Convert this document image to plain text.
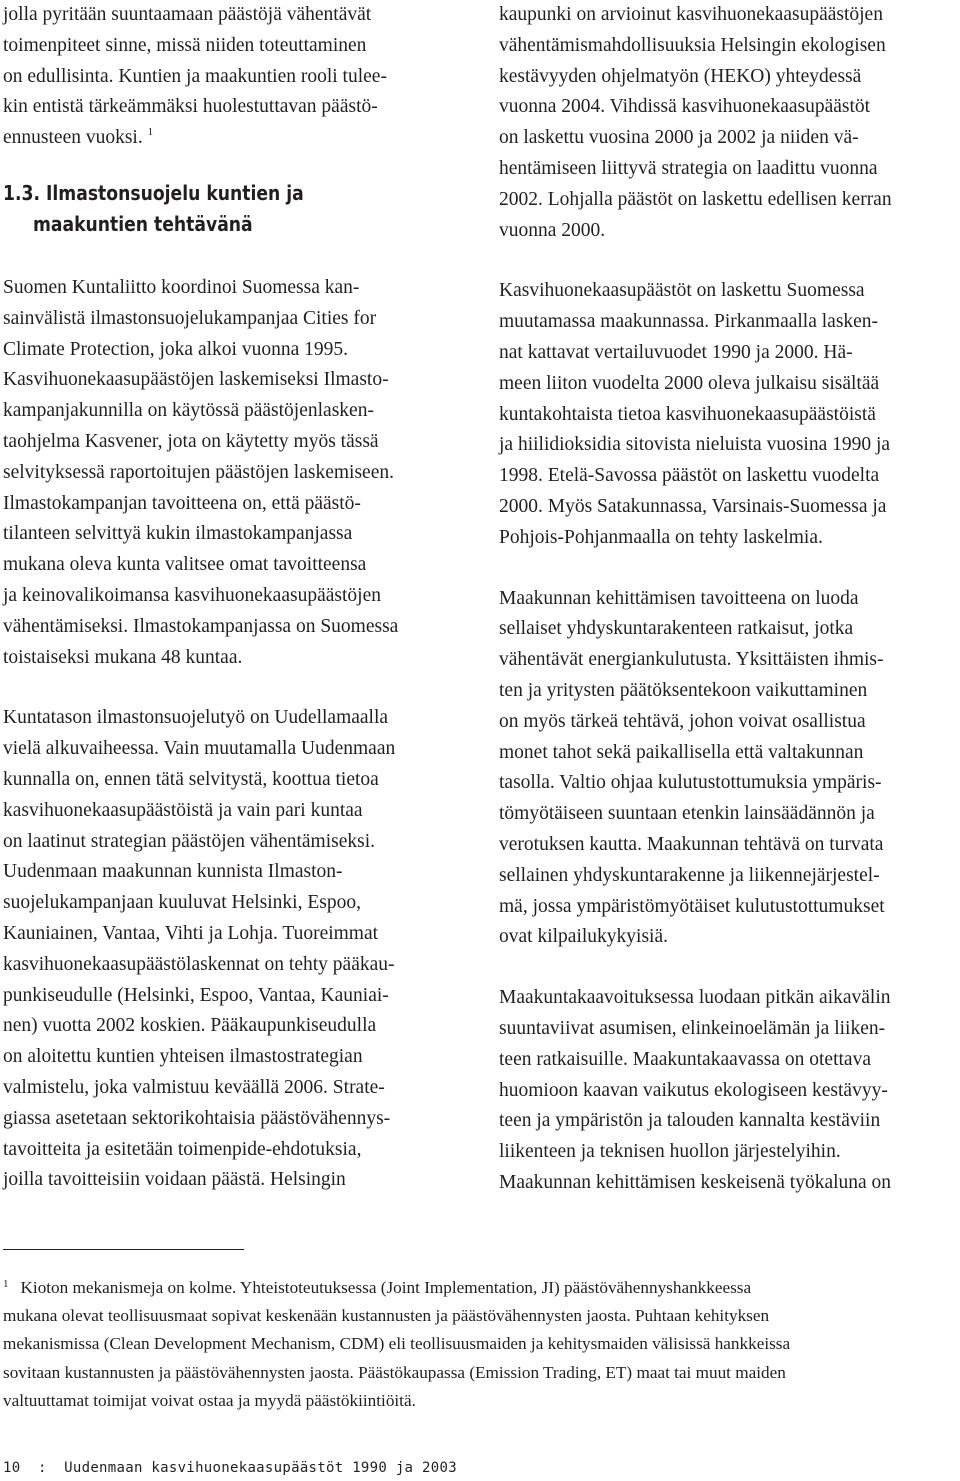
jolla pyritään suuntaamaan päästöjä vähentävät
toimenpiteet sinne, missä niiden toteuttaminen
on edullisinta. Kuntien ja maakuntien rooli tulee-
kin entistä tärkeämmäksi huolestuttavan päästö-
ennusteen vuoksi. $^1$
1.3. Ilmastonsuojelu kuntien ja
maakuntien tehtävänä
Suomen Kuntaliitto koordinoi Suomessa kan-
sainvälistä ilmastonsuojelukampanjaa Cities for
Climate Protection, joka alkoi vuonna 1995.
Kasvihuonekaasupäästöjen laskemiseksi Ilmasto-
kampanjakunnilla on käytössä päästöjenlasken-
taohjelma Kasvener, jota on käytetty myös tässä
selvityksessä raportoitujen päästöjen laskemiseen.
Ilmastokampanjan tavoitteena on, että päästö-
tilanteen selvittyä kukin ilmastokampanjassa
mukana oleva kunta valitsee omat tavoitteensa
ja keinovalikoimansa kasvihuonekaasupäästöjen
vähentämiseksi. Ilmastokampanjassa on Suomessa
toistaiseksi mukana 48 kuntaa.
Kuntatason ilmastonsuojelutyö on Uudellamaalla
vielä alkuvaiheessa. Vain muutamalla Uudenmaan
kunnalla on, ennen tätä selvitystä, koottua tietoa
kasvihuonekaasupäästöistä ja vain pari kuntaa
on laatinut strategian päästöjen vähentämiseksi.
Uudenmaan maakunnan kunnista Ilmaston-
suojelukampanjaan kuuluvat Helsinki, Espoo,
Kauniainen, Vantaa, Vihti ja Lohja. Tuoreimmat
kasvihuonekaasupäästölaskennat on tehty pääkau-
punkiseudulle (Helsinki, Espoo, Vantaa, Kauniai-
nen) vuotta 2002 koskien. Pääkaupunkiseudulla
on aloitettu kuntien yhteisen ilmastostrategian
valmistelu, joka valmistuu keväällä 2006. Strate-
giassa asetetaan sektorikohtaisia päästövähennys-
tavoitteita ja esitetään toimenpide-ehdotuksia,
joilla tavoitteisiin voidaan päästä. Helsingin
kaupunki on arvioinut kasvihuonekaasupäästöjen
vähentämismahdollisuuksia Helsingin ekologisen
kestävyyden ohjelmatyön (HEKO) yhteydessä
vuonna 2004. Vihdissä kasvihuonekaasupäästöt
on laskettu vuosina 2000 ja 2002 ja niiden vä-
hentämiseen liittyvä strategia on laadittu vuonna
2002. Lohjalla päästöt on laskettu edellisen kerran
vuonna 2000.
Kasvihuonekaasupäästöt on laskettu Suomessa
muutamassa maakunnassa. Pirkanmaalla lasken-
nat kattavat vertailuvuodet 1990 ja 2000. Hä-
meen liiton vuodelta 2000 oleva julkaisu sisältää
kuntakohtaista tietoa kasvihuonekaasupäästöistä
ja hiilidioksidia sitovista nieluista vuosina 1990 ja
1998. Etelä-Savossa päästöt on laskettu vuodelta
2000. Myös Satakunnassa, Varsinais-Suomessa ja
Pohjois-Pohjanmaalla on tehty laskelmia.
Maakunnan kehittämisen tavoitteena on luoda
sellaiset yhdyskuntarakenteen ratkaisut, jotka
vähentävät energiankulutusta. Yksittäisten ihmis-
ten ja yritysten päätöksentekoon vaikuttaminen
on myös tärkeä tehtävä, johon voivat osallistua
monet tahot sekä paikallisella että valtakunnan
tasolla. Valtio ohjaa kulutustottumuksia ympäris-
tömyötäiseen suuntaan etenkin lainsäädännön ja
verotuksen kautta. Maakunnan tehtävä on turvata
sellainen yhdyskuntarakenne ja liikennejärjestel-
mä, jossa ympäristömyötäiset kulutustottumukset
ovat kilpailukykyisiä.
Maakuntakaavoituksessa luodaan pitkän aikavälin
suuntaviivat asumisen, elinkeinoelämän ja liiken-
teen ratkaisuille. Maakuntakaavassa on otettava
huomioon kaavan vaikutus ekologiseen kestävyy-
teen ja ympäristön ja talouden kannalta kestäviin
liikenteen ja teknisen huollon järjestelyihin.
Maakunnan kehittämisen keskeisenä työkaluna on
$^1$ Kioton mekanismeja on kolme. Yhteistoteutuksessa (Joint Implementation, JI) päästövähennyshankkeessa
mukana olevat teollisuusmaat sopivat keskenään kustannusten ja päästövähennysten jaosta. Puhtaan kehityksen
mekanismissa (Clean Development Mechanism, CDM) eli teollisuusmaiden ja kehitysmaiden välisissä hankkeissa
sovitaan kustannusten ja päästövähennysten jaosta. Päästökaupassa (Emission Trading, ET) maat tai muut maiden
valtuuttamat toimijat voivat ostaa ja myydä päästökiintiöitä.
10 : Uudenmaan kasvihuonekaasupäästöt 1990 ja 2003
